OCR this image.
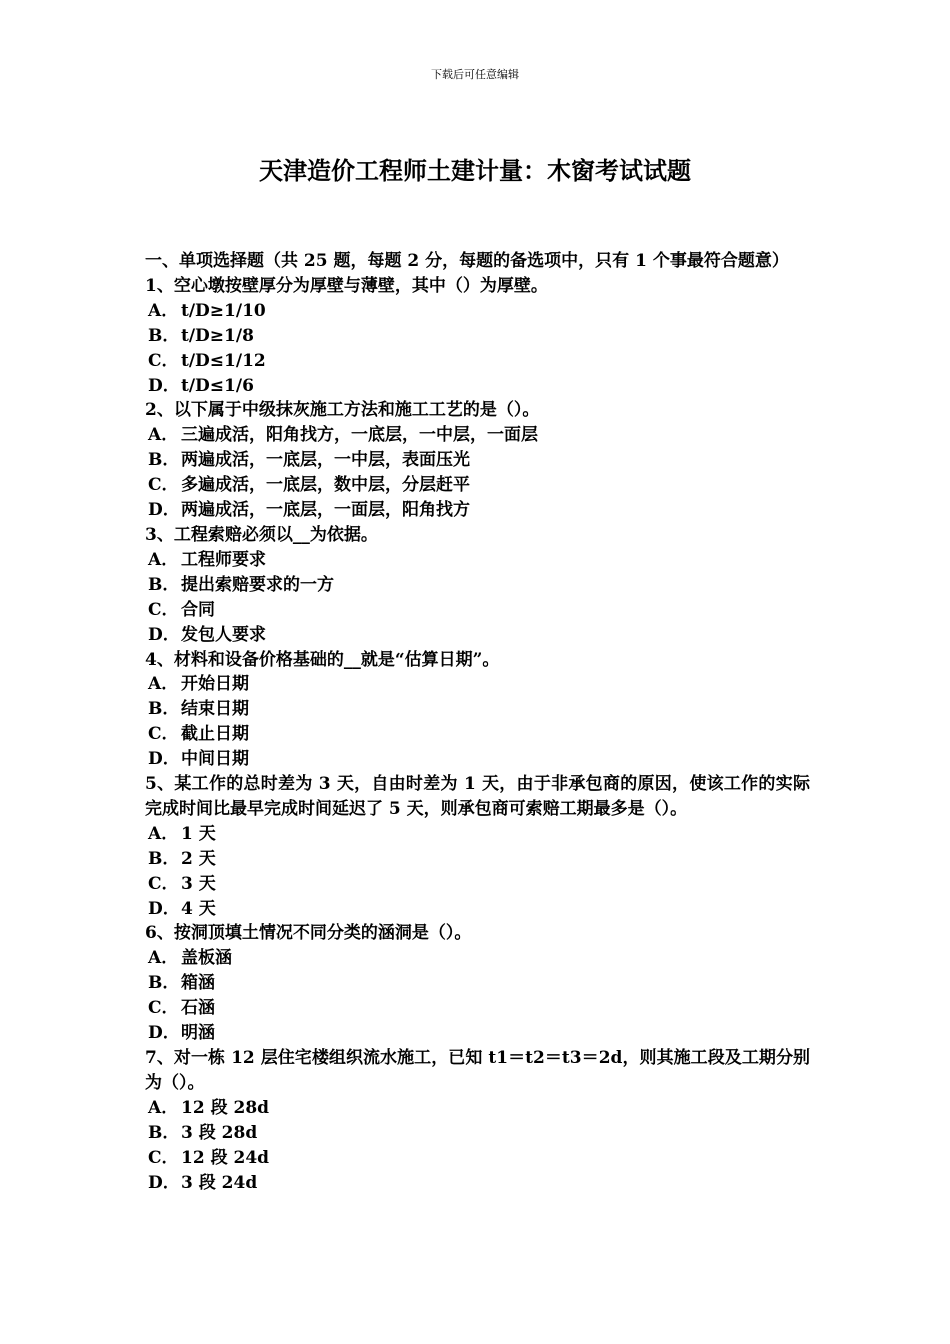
下载后可任意编辑
天津造价工程师土建计量：木窗考试试题

一、单项选择题（共 25 题，每题 2 分，每题的备选项中，只有 1 个事最符合题意）

1、空心墩按壁厚分为厚壁与薄壁，其中（）为厚壁。

A． t/D≥1/10

B．t/D≥1/8

C． t/D≤1/12

D．t/D≤1/6

2、以下属于中级抹灰施工方法和施工工艺的是（）。

A． 三遍成活，阳角找方，一底层，一中层，一面层

B．两遍成活，一底层，一中层，表面压光

C． 多遍成活，一底层，数中层，分层赶平

D．两遍成活，一底层，一面层，阳角找方

3、工程索赔必须以__为依据。

A． 工程师要求

B．提出索赔要求的一方

C． 合同

D．发包人要求

4、材料和设备价格基础的__就是“估算日期”。

A． 开始日期

B．结束日期

C． 截止日期

D．中间日期

5、某工作的总时差为 3 天，自由时差为 1 天，由于非承包商的原因，使该工作的实际完成时间比最早完成时间延迟了 5 天，则承包商可索赔工期最多是（）。

A． 1 天

B．2 天

C． 3 天

D．4 天

6、按洞顶填土情况不同分类的涵洞是（）。

A． 盖板涵

B．箱涵

C． 石涵

D．明涵

7、对一栋 12 层住宅楼组织流水施工，已知 t1＝t2＝t3＝2d，则其施工段及工期分别为（）。

A． 12 段 28d

B．3 段 28d

C． 12 段 24d

D．3 段 24d
